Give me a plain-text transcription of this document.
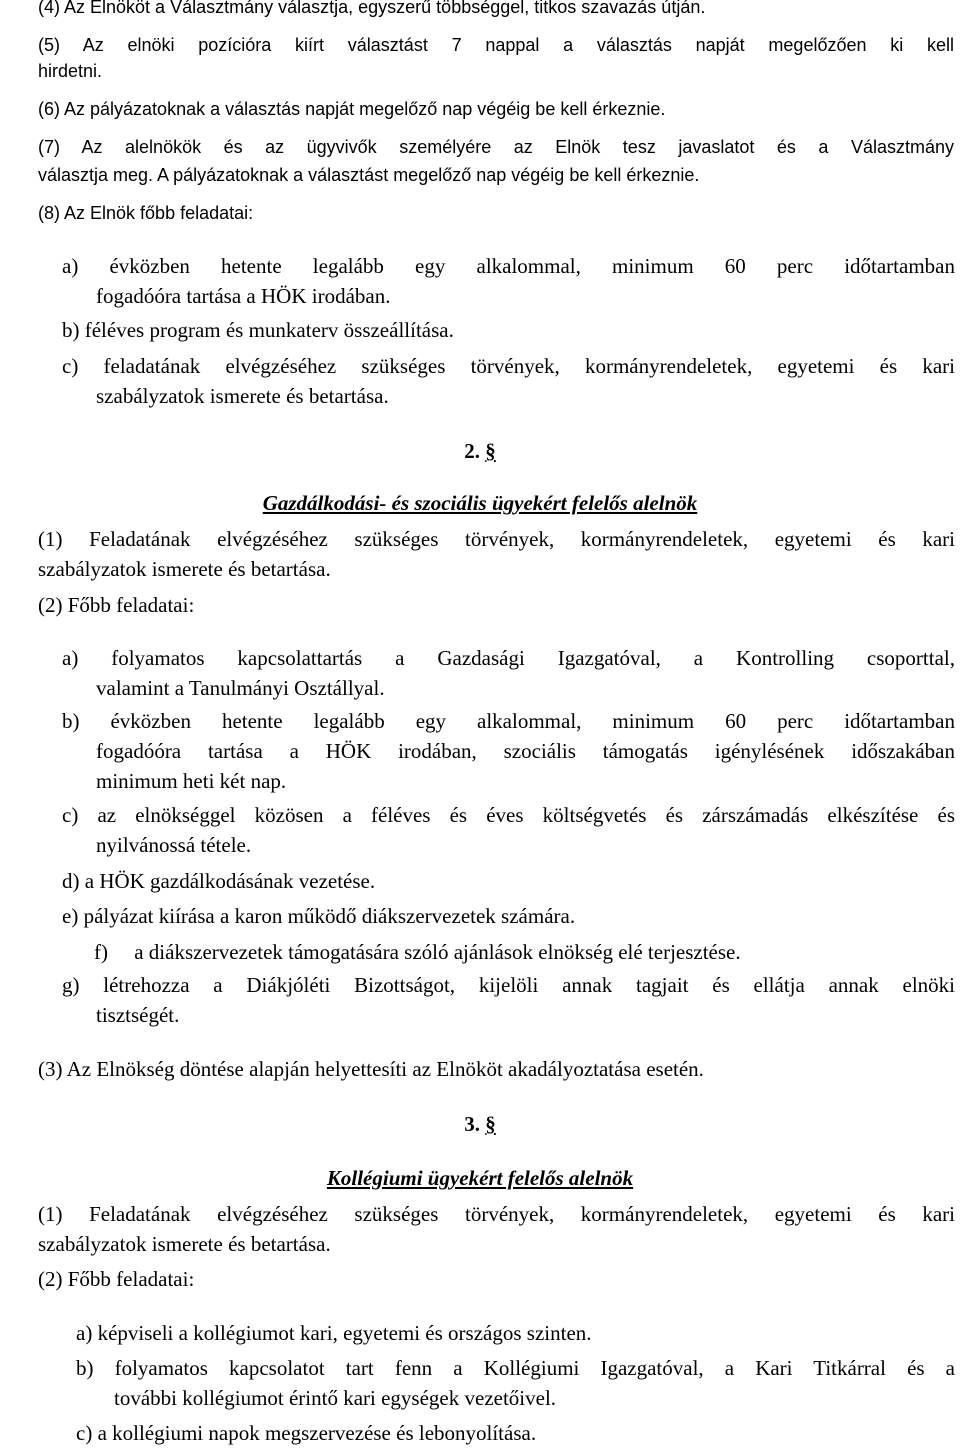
(4) Az Elnököt a Választmány választja, egyszerű többséggel, titkos szavazás útján.
(5) Az elnöki pozícióra kiírt választást 7 nappal a választás napját megelőzően ki kell
hirdetni.
(6) Az pályázatoknak a választás napját megelőző nap végéig be kell érkeznie.
(7) Az alelnökök és az ügyvivők személyére az Elnök tesz javaslatot és a Választmány
választja meg. A pályázatoknak a választást megelőző nap végéig be kell érkeznie.
(8) Az Elnök főbb feladatai:
a) évközben hetente legalább egy alkalommal, minimum 60 perc időtartamban
fogadóóra tartása a HÖK irodában.
b) féléves program és munkaterv összeállítása.
c) feladatának elvégzéséhez szükséges törvények, kormányrendeletek, egyetemi és kari
szabályzatok ismerete és betartása.
2. §
Gazdálkodási- és szociális ügyekért felelős alelnök
(1) Feladatának elvégzéséhez szükséges törvények, kormányrendeletek, egyetemi és kari
szabályzatok ismerete és betartása.
(2) Főbb feladatai:
a) folyamatos kapcsolattartás a Gazdasági Igazgatóval, a Kontrolling csoporttal,
valamint a Tanulmányi Osztállyal.
b) évközben hetente legalább egy alkalommal, minimum 60 perc időtartamban
fogadóóra tartása a HÖK irodában, szociális támogatás igénylésének időszakában
minimum heti két nap.
c) az elnökséggel közösen a féléves és éves költségvetés és zárszámadás elkészítése és
nyilvánossá tétele.
d) a HÖK gazdálkodásának vezetése.
e) pályázat kiírása a karon működő diákszervezetek számára.
f)     a diákszervezetek támogatására szóló ajánlások elnökség elé terjesztése.
g) létrehozza a Diákjóléti Bizottságot, kijelöli annak tagjait és ellátja annak elnöki
tisztségét.
(3) Az Elnökség döntése alapján helyettesíti az Elnököt akadályoztatása esetén.
3. §
Kollégiumi ügyekért felelős alelnök
(1) Feladatának elvégzéséhez szükséges törvények, kormányrendeletek, egyetemi és kari
szabályzatok ismerete és betartása.
(2) Főbb feladatai:
a) képviseli a kollégiumot kari, egyetemi és országos szinten.
b) folyamatos kapcsolatot tart fenn a Kollégiumi Igazgatóval, a Kari Titkárral és a
további kollégiumot érintő kari egységek vezetőivel.
c) a kollégiumi napok megszervezése és lebonyolítása.
